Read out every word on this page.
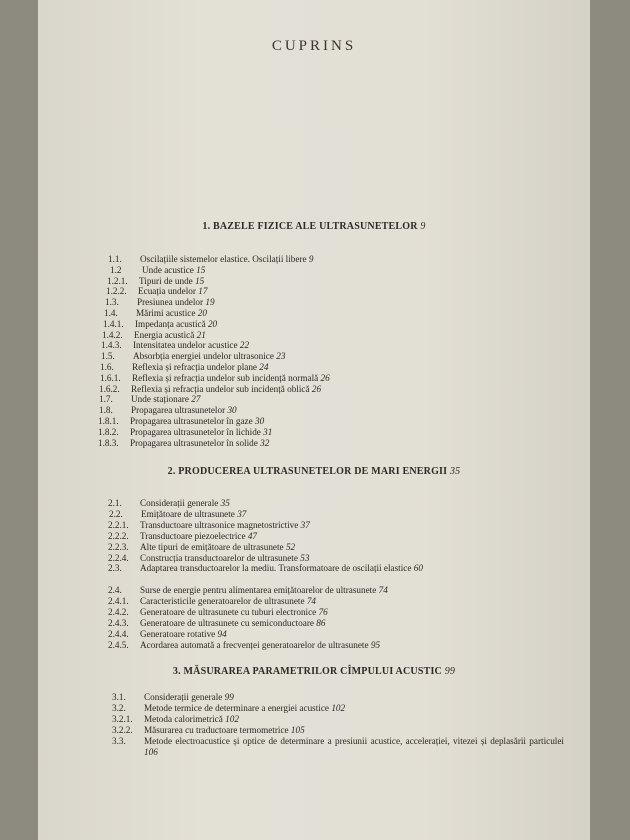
CUPRINS
1. BAZELE FIZICE ALE ULTRASUNETELOR 9
2. PRODUCEREA ULTRASUNETELOR DE MARI ENERGII 35
3. MĂSURAREA PARAMETRILOR CÎMPULUI ACUSTIC 99
1.1.	Oscilațiile sistemelor elastice. Oscilații libere 9
1.2	Unde acustice 15
1.2.1.	Tipuri de unde 15
1.2.2.	Ecuația undelor 17
1.3.	Presiunea undelor 19
1.4.	Mărimi acustice 20
1.4.1.	Impedanța acustică 20
1.4.2.	Energia acustică 21
1.4.3.	Intensitatea undelor acustice 22
1.5.	Absorbția energiei undelor ultrasonice 23
1.6.	Reflexia și refracția undelor plane 24
1.6.1.	Reflexia și refracția undelor sub incidență normală 26
1.6.2.	Reflexia și refracția undelor sub incidență oblică 26
1.7.	Unde staționare 27
1.8.	Propagarea ultrasunetelor 30
1.8.1.	Propagarea ultrasunetelor în gaze 30
1.8.2.	Propagarea ultrasunetelor în lichide 31
1.8.3.	Propagarea ultrasunetelor în solide 32
2.1.	Considerații generale 35
2.2.	Emițătoare de ultrasunete 37
2.2.1.	Transductoare ultrasonice magnetostrictive 37
2.2.2.	Transductoare piezoelectrice 47
2.2.3.	Alte tipuri de emițătoare de ultrasunete 52
2.2.4.	Construcția transductoarelor de ultrasunete 53
2.3.	Adaptarea transductoarelor la mediu. Transformatoare de oscilații elastice 60
2.4.	Surse de energie pentru alimentarea emițătoarelor de ultrasunete 74
2.4.1.	Caracteristicile generatoarelor de ultrasunete 74
2.4.2.	Generatoare de ultrasunete cu tuburi electronice 76
2.4.3.	Generatoare de ultrasunete cu semiconductoare 86
2.4.4.	Generatoare rotative 94
2.4.5.	Acordarea automată a frecvenței generatoarelor de ultrasunete 95
3.1.	Considerații generale 99
3.2.	Metode termice de determinare a energiei acustice 102
3.2.1.	Metoda calorimetrică 102
3.2.2.	Măsurarea cu traductoare termometrice 105
3.3.	Metode electroacustice și optice de determinare a presiunii acustice, accelerației, vitezei și deplasării particulei 106
